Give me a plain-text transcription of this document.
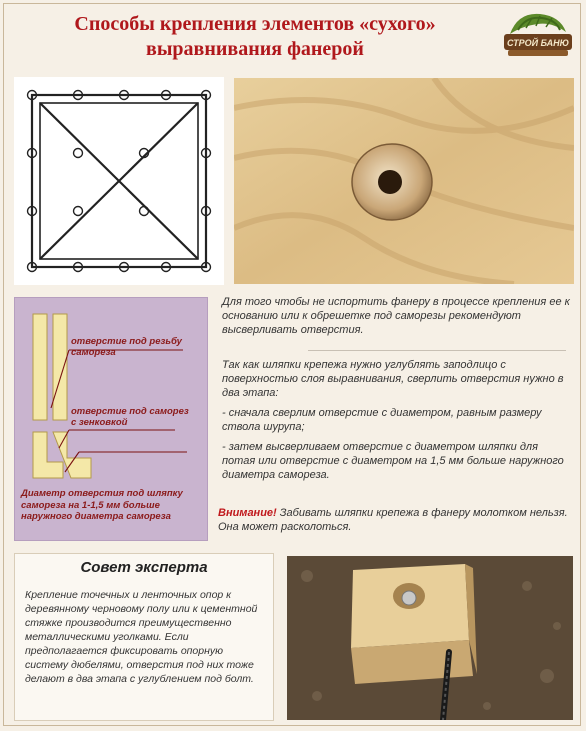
Способы крепления элементов «сухого»
выравнивания фанерой	СТРОЙ БАНЮ
отверстие под резьбу самореза
отверстие под саморез с зенковкой
Диаметр отверстия под шляпку самореза на 1-1,5 мм больше наружного диаметра самореза
Для того чтобы не испортить фанеру в процессе крепления ее к основанию или к обрешетке под саморезы рекомендуют высверливать отверстия.
Так как шляпки крепежа нужно углублять заподлицо с поверхностью слоя выравнивания, сверлить отверстия нужно в два этапа:
- сначала сверлим отверстие с диаметром, равным размеру ствола шурупа;
- затем высверливаем отверстие с диаметром шляпки для потая или отверстие с диаметром на 1,5 мм больше наружного диаметра самореза.
Внимание! Забивать шляпки крепежа в фанеру молотком нельзя. Она может расколоться.
Совет эксперта
Крепление точечных и ленточных опор к деревянному черновому полу или к цементной стяжке производится преимущественно металлическими уголками. Если предполагается фиксировать опорную систему дюбелями, отверстия под них тоже делают в два этапа с углублением под болт.
